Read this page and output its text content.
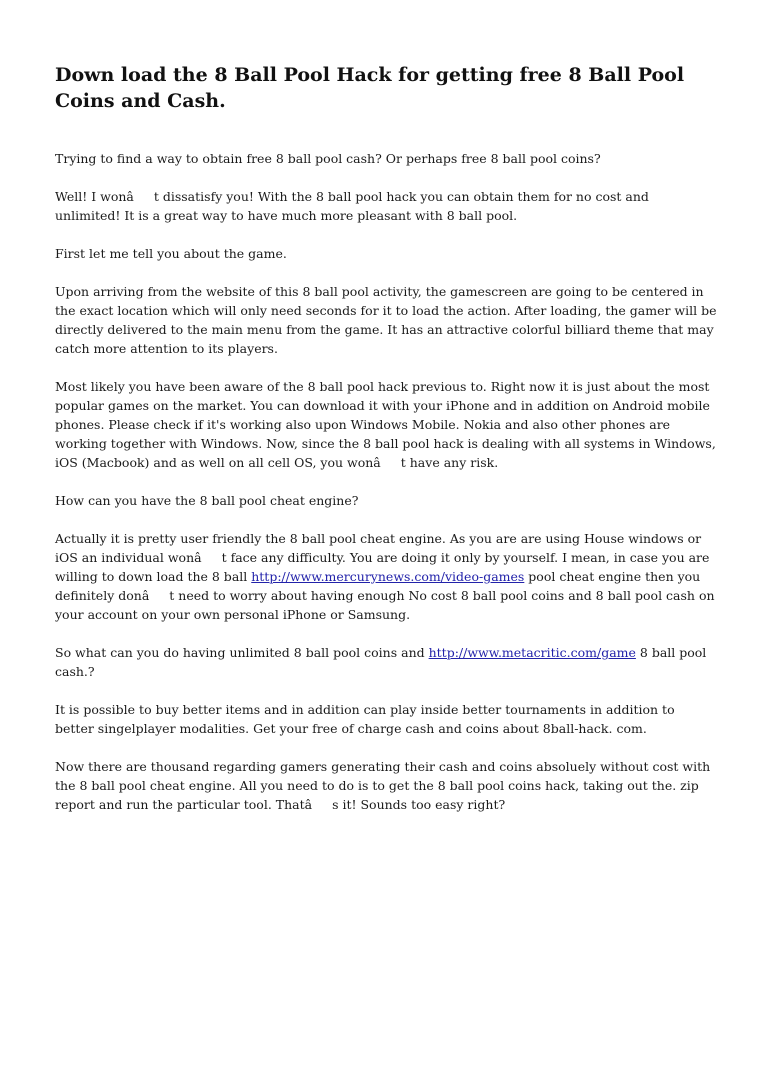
Down load the 8 Ball Pool Hack for getting free 8 Ball Pool Coins and Cash.

Trying to find a way to obtain free 8 ball pool cash? Or perhaps free 8 ball pool coins?

Well! I wonât dissatisfy you! With the 8 ball pool hack you can obtain them for no cost and unlimited! It is a great way to have much more pleasant with 8 ball pool.

First let me tell you about the game.

Upon arriving from the website of this 8 ball pool activity, the gamescreen are going to be centered in the exact location which will only need seconds for it to load the action. After loading, the gamer will be directly delivered to the main menu from the game. It has an attractive colorful billiard theme that may catch more attention to its players.

Most likely you have been aware of the 8 ball pool hack previous to. Right now it is just about the most popular games on the market. You can download it with your iPhone and in addition on Android mobile phones. Please check if it's working also upon Windows Mobile. Nokia and also other phones are working together with Windows. Now, since the 8 ball pool hack is dealing with all systems in Windows, iOS (Macbook) and as well on all cell OS, you wonât have any risk.

How can you have the 8 ball pool cheat engine?

Actually it is pretty user friendly the 8 ball pool cheat engine. As you are are using House windows or iOS an individual wonât face any difficulty. You are doing it only by yourself. I mean, in case you are willing to down load the 8 ball http://www.mercurynews.com/video-games pool cheat engine then you definitely donât need to worry about having enough No cost 8 ball pool coins and 8 ball pool cash on your account on your own personal iPhone or Samsung.

So what can you do having unlimited 8 ball pool coins and http://www.metacritic.com/game 8 ball pool cash.?

It is possible to buy better items and in addition can play inside better tournaments in addition to better singelplayer modalities. Get your free of charge cash and coins about 8ball-hack. com.

Now there are thousand regarding gamers generating their cash and coins absoluely without cost with the 8 ball pool cheat engine. All you need to do is to get the 8 ball pool coins hack, taking out the. zip report and run the particular tool. Thatâs it! Sounds too easy right?
